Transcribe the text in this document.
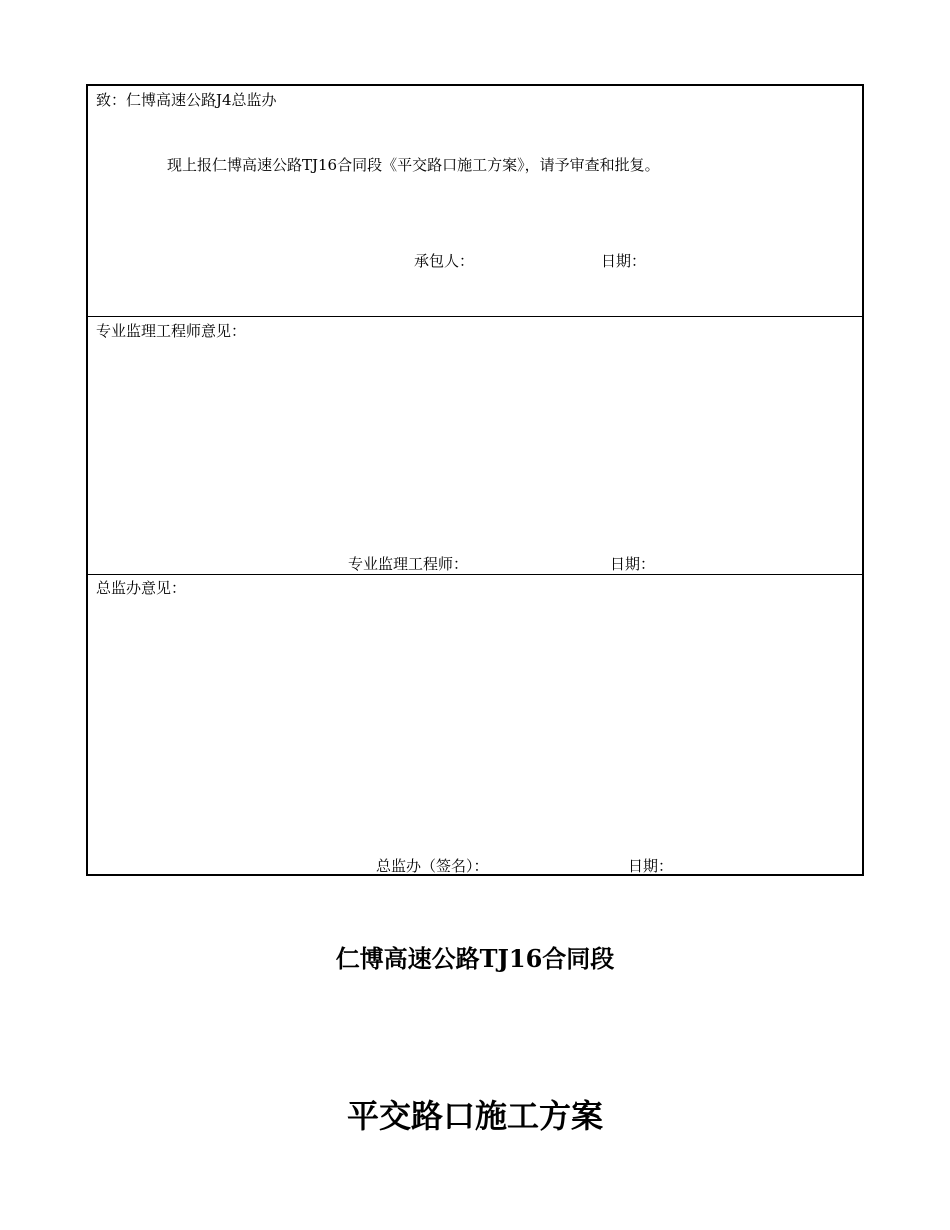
致：仁博高速公路J4总监办
现上报仁博高速公路TJ16合同段《平交路口施工方案》，请予审查和批复。
承包人：	日期：
专业监理工程师意见：
专业监理工程师：	日期：
总监办意见：
总监办（签名）：	日期：
仁博高速公路TJ16合同段
平交路口施工方案
